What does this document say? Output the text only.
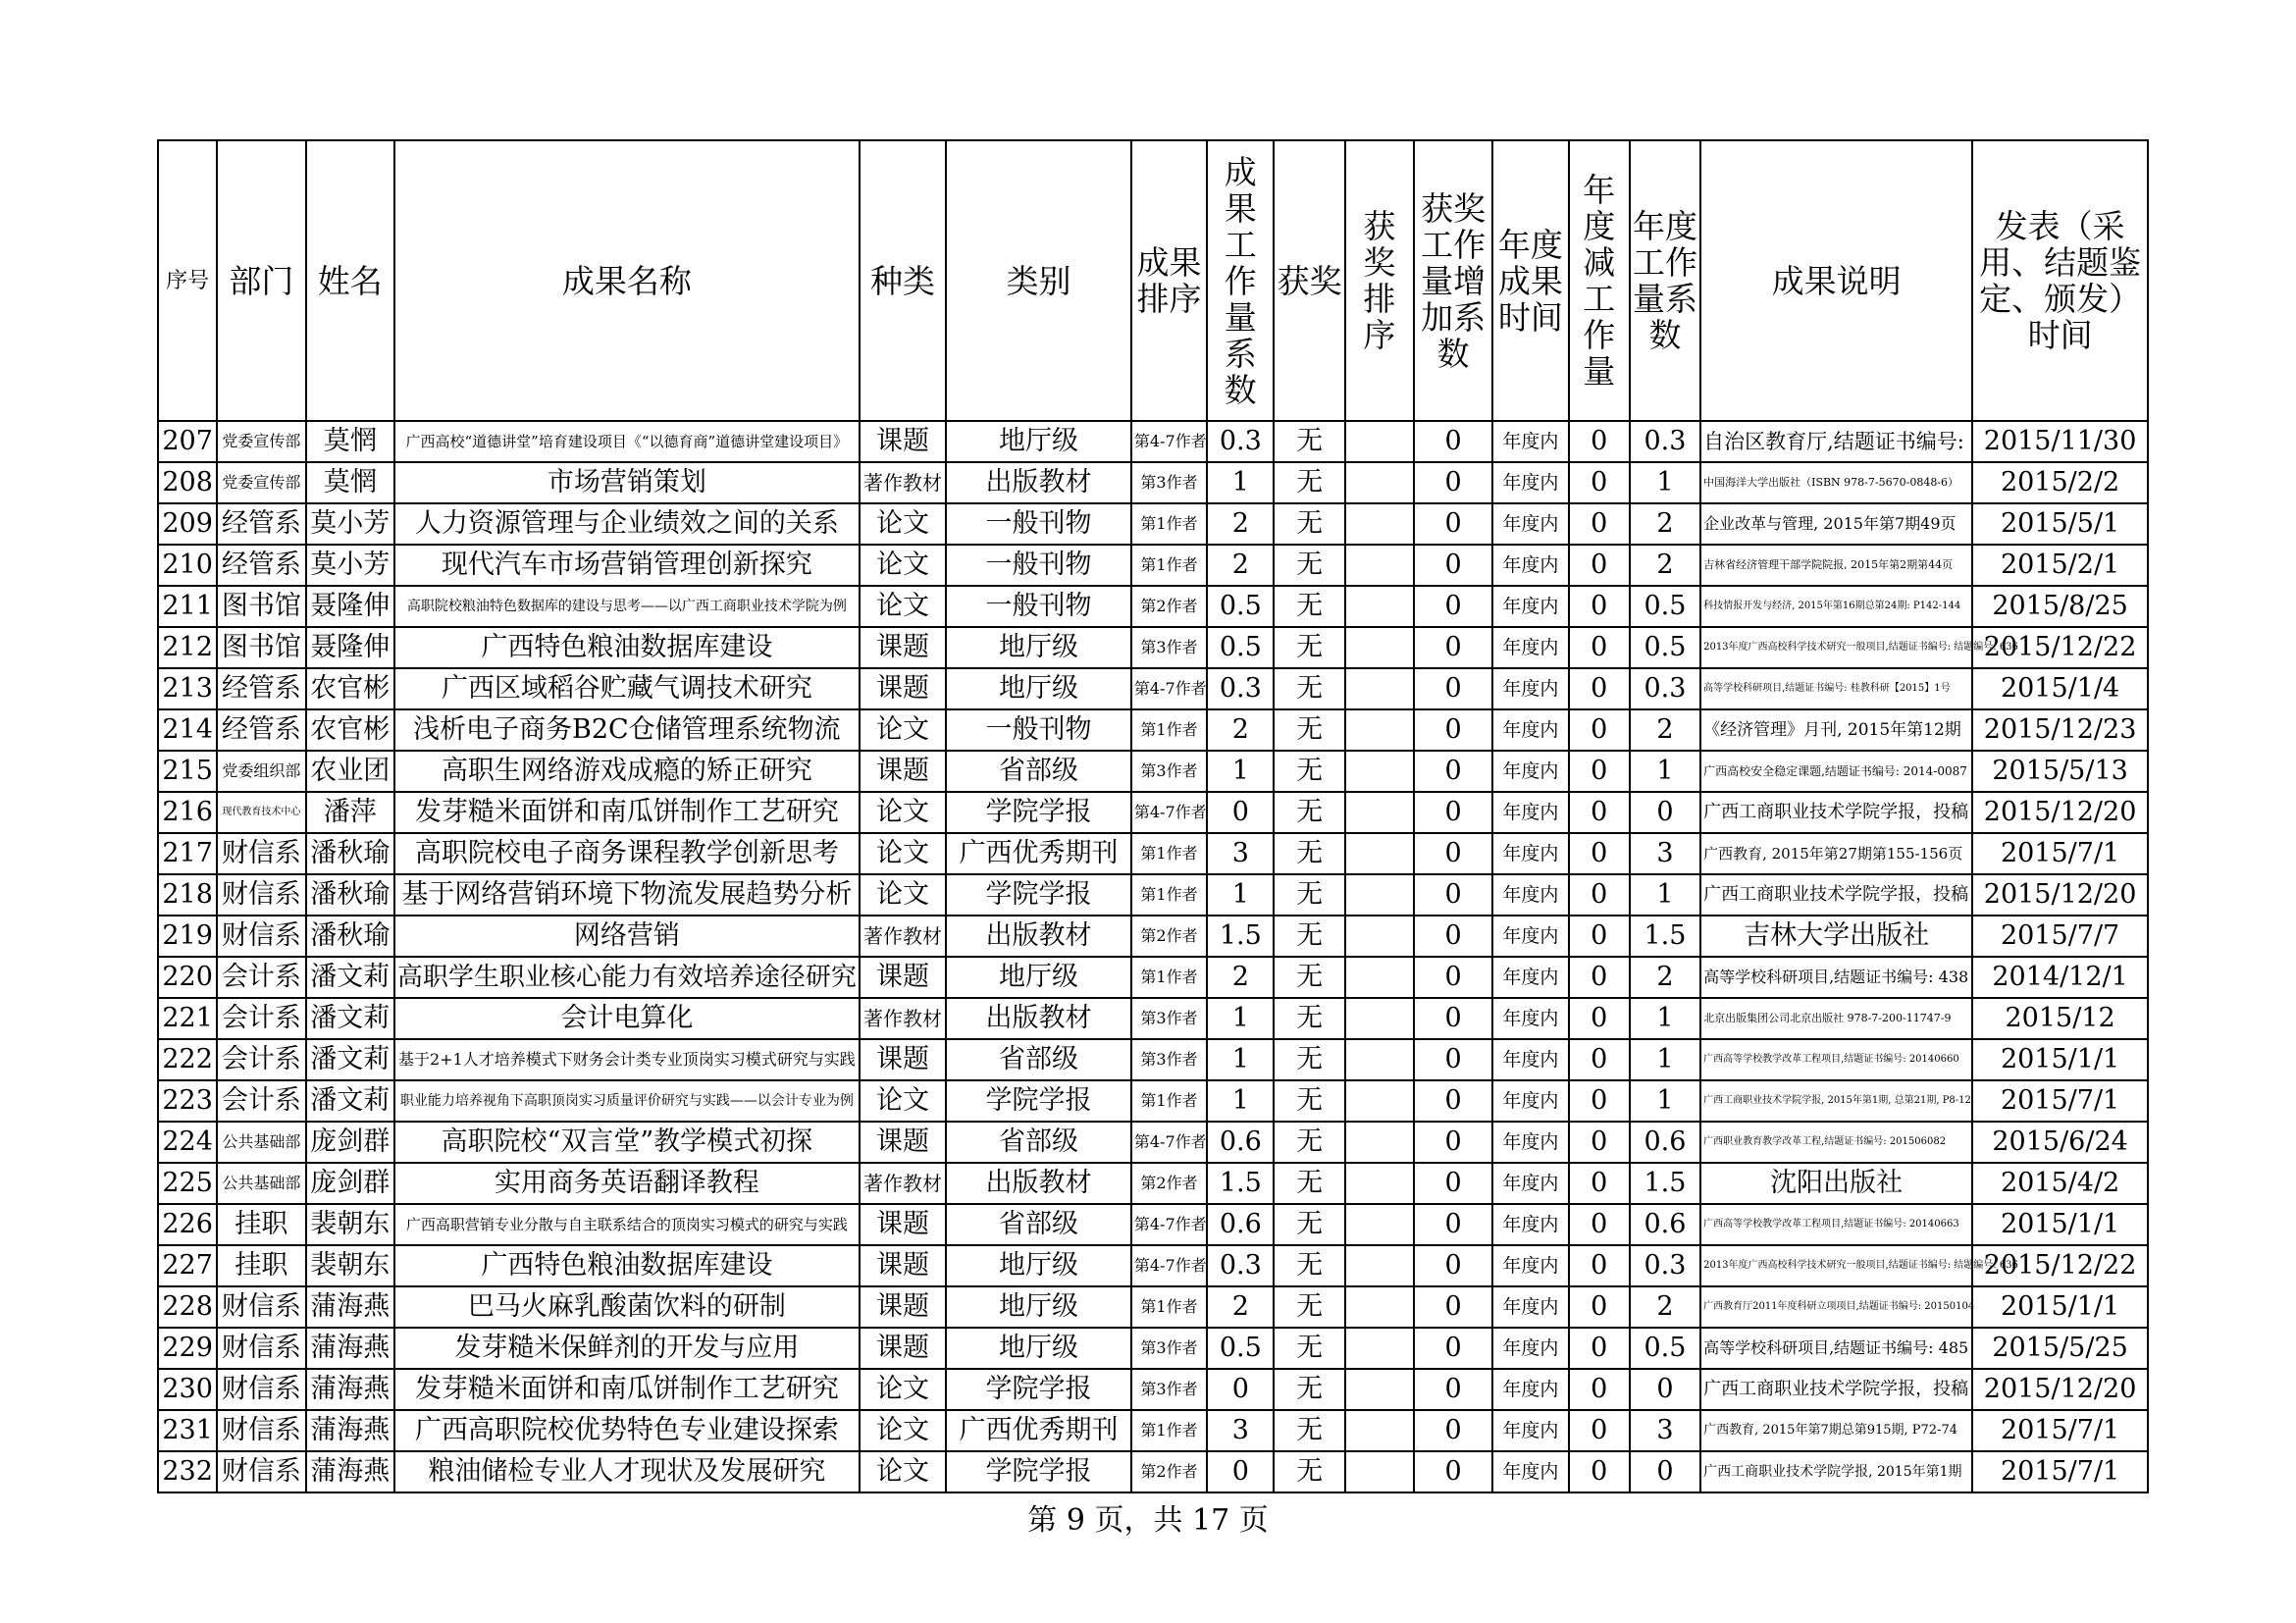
序号	部门	姓名	成果名称	种类	类别	成果排序	成果工作量系数	获奖	获奖排序	获奖工作量增加系数	年度成果时间	年度减工作量	年度工作量系数	成果说明	发表（采用、结题鉴定、颁发）时间
207	党委宣传部	莫惘	广西高校“道德讲堂”培育建设项目《“以德育商”道德讲堂建设项目》	课题	地厅级	第4-7作者	0.3	无		0	年度内	0	0.3	自治区教育厅,结题证书编号:	2015/11/30
208	党委宣传部	莫惘	市场营销策划	著作教材	出版教材	第3作者	1	无		0	年度内	0	1	中国海洋大学出版社（ISBN 978-7-5670-0848-6）	2015/2/2
209	经管系	莫小芳	人力资源管理与企业绩效之间的关系	论文	一般刊物	第1作者	2	无		0	年度内	0	2	企业改革与管理, 2015年第7期49页	2015/5/1
210	经管系	莫小芳	现代汽车市场营销管理创新探究	论文	一般刊物	第1作者	2	无		0	年度内	0	2	吉林省经济管理干部学院院报, 2015年第2期第44页	2015/2/1
211	图书馆	聂隆伸	高职院校粮油特色数据库的建设与思考——以广西工商职业技术学院为例	论文	一般刊物	第2作者	0.5	无		0	年度内	0	0.5	科技情报开发与经济, 2015年第16期总第24期: P142-144	2015/8/25
212	图书馆	聂隆伸	广西特色粮油数据库建设	课题	地厅级	第3作者	0.5	无		0	年度内	0	0.5	2013年度广西高校科学技术研究一般项目,结题证书编号: 结题编号: 636	2015/12/22
213	经管系	农官彬	广西区域稻谷贮藏气调技术研究	课题	地厅级	第4-7作者	0.3	无		0	年度内	0	0.3	高等学校科研项目,结题证书编号: 桂教科研【2015】1号	2015/1/4
214	经管系	农官彬	浅析电子商务B2C仓储管理系统物流	论文	一般刊物	第1作者	2	无		0	年度内	0	2	《经济管理》月刊, 2015年第12期	2015/12/23
215	党委组织部	农业团	高职生网络游戏成瘾的矫正研究	课题	省部级	第3作者	1	无		0	年度内	0	1	广西高校安全稳定课题,结题证书编号: 2014-0087	2015/5/13
216	现代教育技术中心	潘萍	发芽糙米面饼和南瓜饼制作工艺研究	论文	学院学报	第4-7作者	0	无		0	年度内	0	0	广西工商职业技术学院学报，投稿	2015/12/20
217	财信系	潘秋瑜	高职院校电子商务课程教学创新思考	论文	广西优秀期刊	第1作者	3	无		0	年度内	0	3	广西教育, 2015年第27期第155-156页	2015/7/1
218	财信系	潘秋瑜	基于网络营销环境下物流发展趋势分析	论文	学院学报	第1作者	1	无		0	年度内	0	1	广西工商职业技术学院学报，投稿	2015/12/20
219	财信系	潘秋瑜	网络营销	著作教材	出版教材	第2作者	1.5	无		0	年度内	0	1.5	吉林大学出版社	2015/7/7
220	会计系	潘文莉	高职学生职业核心能力有效培养途径研究	课题	地厅级	第1作者	2	无		0	年度内	0	2	高等学校科研项目,结题证书编号: 438	2014/12/1
221	会计系	潘文莉	会计电算化	著作教材	出版教材	第3作者	1	无		0	年度内	0	1	北京出版集团公司北京出版社 978-7-200-11747-9	2015/12
222	会计系	潘文莉	基于2+1人才培养模式下财务会计类专业顶岗实习模式研究与实践	课题	省部级	第3作者	1	无		0	年度内	0	1	广西高等学校教学改革工程项目,结题证书编号: 20140660	2015/1/1
223	会计系	潘文莉	职业能力培养视角下高职顶岗实习质量评价研究与实践——以会计专业为例	论文	学院学报	第1作者	1	无		0	年度内	0	1	广西工商职业技术学院学报, 2015年第1期, 总第21期, P8-12	2015/7/1
224	公共基础部	庞剑群	高职院校“双言堂”教学模式初探	课题	省部级	第4-7作者	0.6	无		0	年度内	0	0.6	广西职业教育教学改革工程,结题证书编号: 201506082	2015/6/24
225	公共基础部	庞剑群	实用商务英语翻译教程	著作教材	出版教材	第2作者	1.5	无		0	年度内	0	1.5	沈阳出版社	2015/4/2
226	挂职	裴朝东	广西高职营销专业分散与自主联系结合的顶岗实习模式的研究与实践	课题	省部级	第4-7作者	0.6	无		0	年度内	0	0.6	广西高等学校教学改革工程项目,结题证书编号: 20140663	2015/1/1
227	挂职	裴朝东	广西特色粮油数据库建设	课题	地厅级	第4-7作者	0.3	无		0	年度内	0	0.3	2013年度广西高校科学技术研究一般项目,结题证书编号: 结题编号: 636	2015/12/22
228	财信系	蒲海燕	巴马火麻乳酸菌饮料的研制	课题	地厅级	第1作者	2	无		0	年度内	0	2	广西教育厅2011年度科研立项项目,结题证书编号: 20150104	2015/1/1
229	财信系	蒲海燕	发芽糙米保鲜剂的开发与应用	课题	地厅级	第3作者	0.5	无		0	年度内	0	0.5	高等学校科研项目,结题证书编号: 485	2015/5/25
230	财信系	蒲海燕	发芽糙米面饼和南瓜饼制作工艺研究	论文	学院学报	第3作者	0	无		0	年度内	0	0	广西工商职业技术学院学报，投稿	2015/12/20
231	财信系	蒲海燕	广西高职院校优势特色专业建设探索	论文	广西优秀期刊	第1作者	3	无		0	年度内	0	3	广西教育, 2015年第7期总第915期, P72-74	2015/7/1
232	财信系	蒲海燕	粮油储检专业人才现状及发展研究	论文	学院学报	第2作者	0	无		0	年度内	0	0	广西工商职业技术学院学报, 2015年第1期	2015/7/1
第 9 页，共 17 页
